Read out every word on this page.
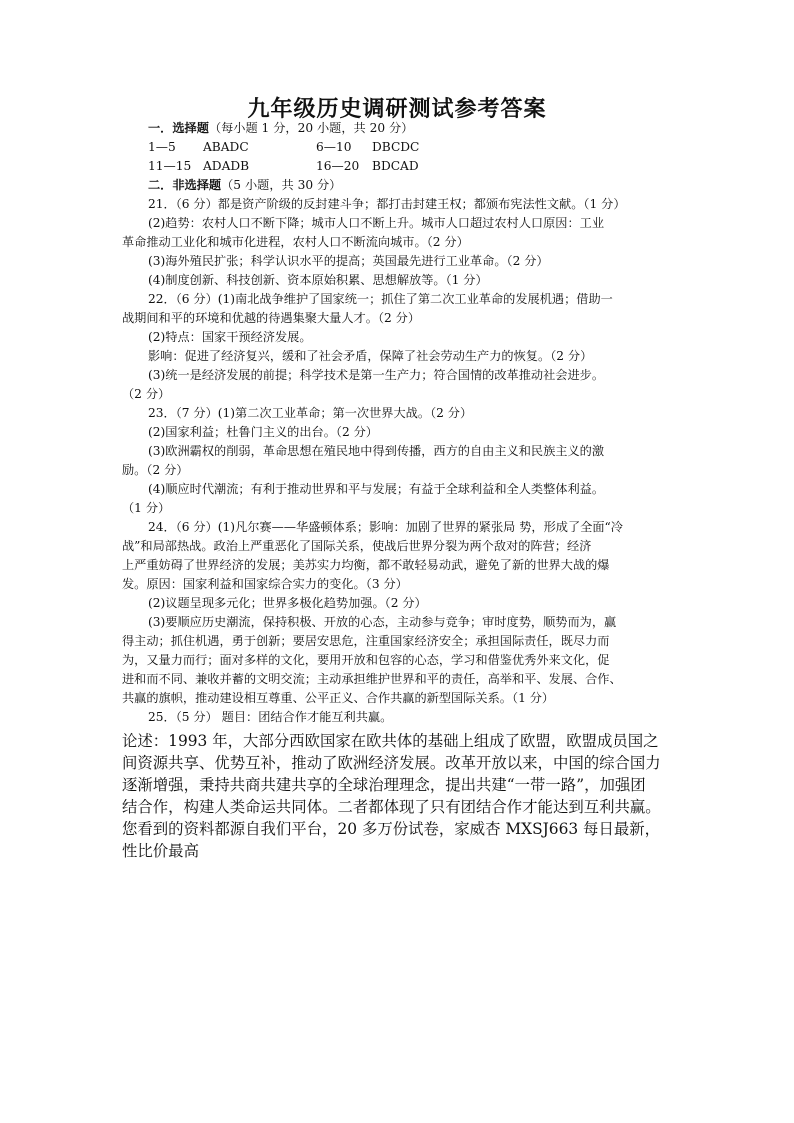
九年级历史调研测试参考答案
一．选择题（每小题 1 分，20 小题，共 20 分）
1—5 ABADC	6—10 DBCDC
11—15 ADADB	16—20 BDCAD
二．非选择题（5 小题，共 30 分）
21．（6 分）都是资产阶级的反封建斗争；都打击封建王权；都颁布宪法性文献。（1 分）
(2)趋势：农村人口不断下降；城市人口不断上升。城市人口超过农村人口原因：工业
革命推动工业化和城市化进程，农村人口不断流向城市。（2 分）
(3)海外殖民扩张；科学认识水平的提高；英国最先进行工业革命。（2 分）
(4)制度创新、科技创新、资本原始积累、思想解放等。（1 分）
22．（6 分）(1)南北战争维护了国家统一；抓住了第二次工业革命的发展机遇；借助一
战期间和平的环境和优越的待遇集聚大量人才。（2 分）
(2)特点：国家干预经济发展。
影响：促进了经济复兴，缓和了社会矛盾，保障了社会劳动生产力的恢复。（2 分）
(3)统一是经济发展的前提；科学技术是第一生产力；符合国情的改革推动社会进步。
（2 分）
23．（7 分）(1)第二次工业革命；第一次世界大战。（2 分）
(2)国家利益；杜鲁门主义的出台。（2 分）
(3)欧洲霸权的削弱，革命思想在殖民地中得到传播，西方的自由主义和民族主义的激
励。（2 分）
(4)顺应时代潮流；有利于推动世界和平与发展；有益于全球利益和全人类整体利益。
（1 分）
24．（6 分）(1)凡尔赛——华盛顿体系；影响：加剧了世界的紧张局 势，形成了全面“冷
战”和局部热战。政治上严重恶化了国际关系，使战后世界分裂为两个敌对的阵营；经济
上严重妨碍了世界经济的发展；美苏实力均衡，都不敢轻易动武，避免了新的世界大战的爆
发。原因：国家利益和国家综合实力的变化。（3 分）
(2)议题呈现多元化；世界多极化趋势加强。（2 分）
(3)要顺应历史潮流，保持积极、开放的心态，主动参与竞争；审时度势，顺势而为，赢
得主动；抓住机遇，勇于创新；要居安思危，注重国家经济安全；承担国际责任，既尽力而
为，又量力而行；面对多样的文化，要用开放和包容的心态，学习和借鉴优秀外来文化，促
进和而不同、兼收并蓄的文明交流；主动承担维护世界和平的责任，高举和平、发展、合作、
共赢的旗帜，推动建设相互尊重、公平正义、合作共赢的新型国际关系。（1 分）
25．（5 分） 题目：团结合作才能互利共赢。
论述：1993 年，大部分西欧国家在欧共体的基础上组成了欧盟，欧盟成员国之
间资源共享、优势互补，推动了欧洲经济发展。改革开放以来，中国的综合国力
逐渐增强，秉持共商共建共享的全球治理理念，提出共建“一带一路”，加强团
结合作，构建人类命运共同体。二者都体现了只有团结合作才能达到互利共赢。
您看到的资料都源自我们平台，20 多万份试卷，家威杏 MXSJ663 每日最新，
性比价最高
